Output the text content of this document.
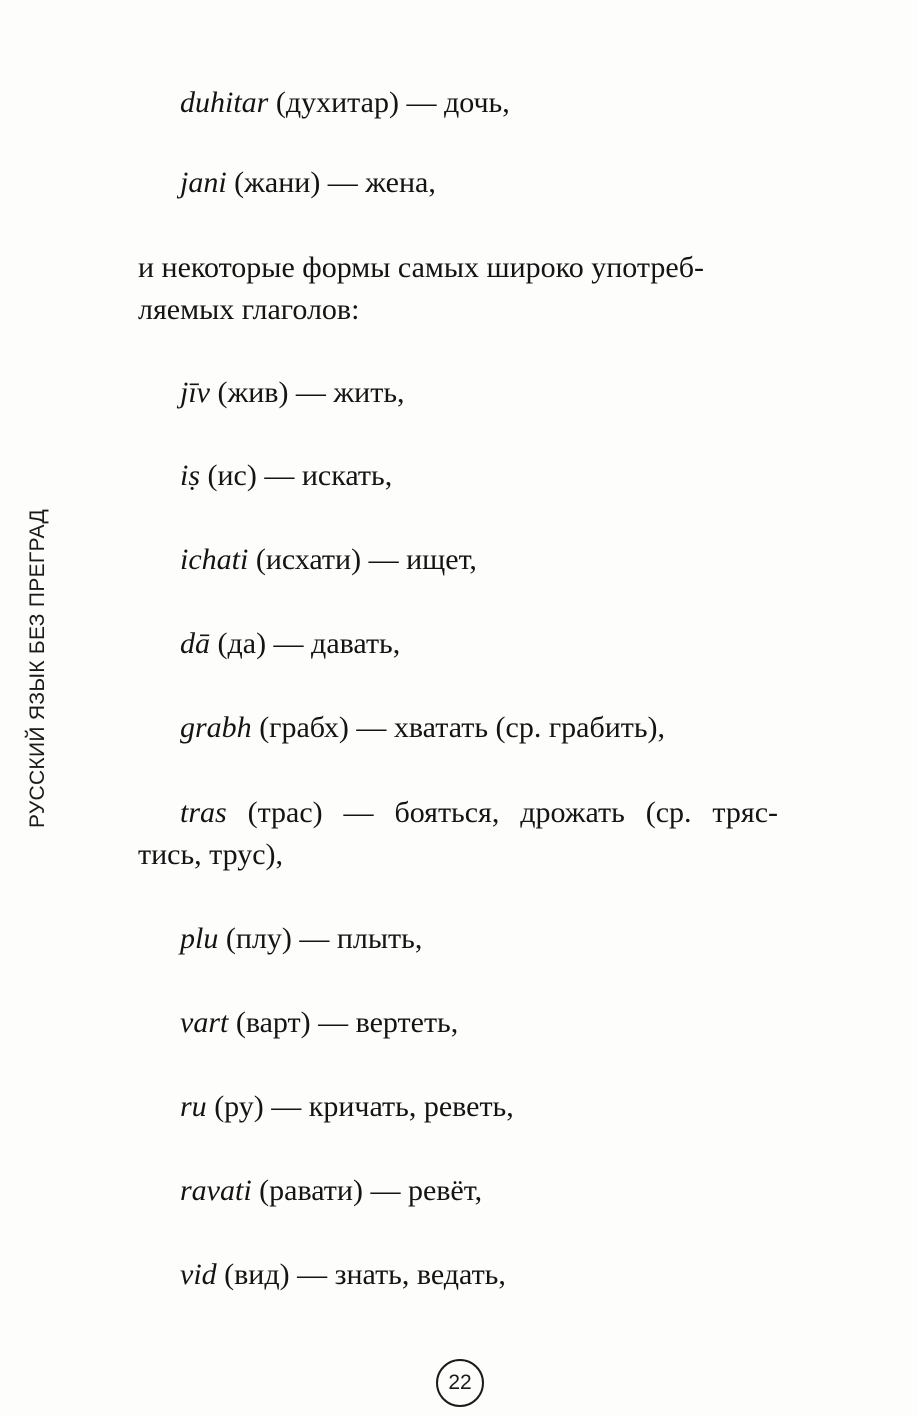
РУССКИЙ ЯЗЫК БЕЗ ПРЕГРАД
duhitar (духитар) — дочь,
jani (жани) — жена,
и некоторые формы самых широко употреб-
ляемых глаголов:
jīv (жив) — жить,
iṣ (ис) — искать,
ichati (исхати) — ищет,
dā (да) — давать,
grabh (грабх) — хватать (ср. грабить),
tras (трас) — бояться, дрожать (ср. тряс-
тись, трус),
plu (плу) — плыть,
vart (варт) — вертеть,
ru (ру) — кричать, реветь,
ravati (равати) — ревёт,
vid (вид) — знать, ведать,
22
